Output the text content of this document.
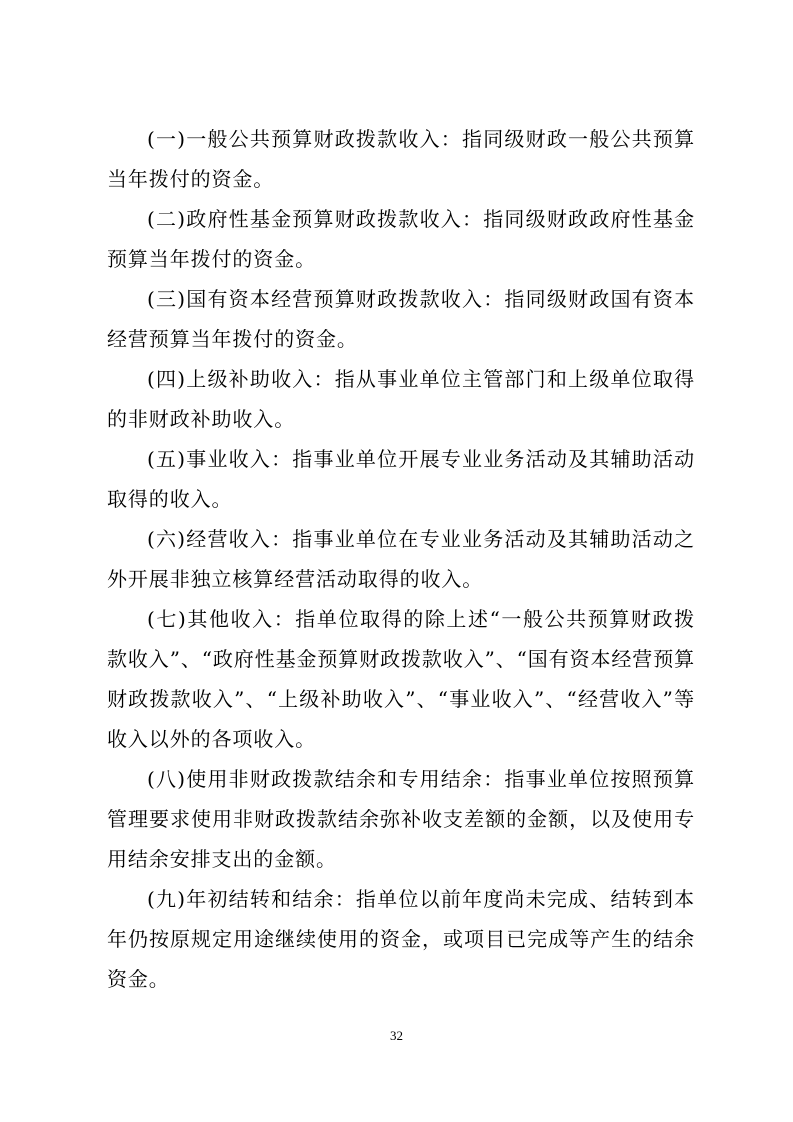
(一)一般公共预算财政拨款收入：指同级财政一般公共预算当年拨付的资金。

(二)政府性基金预算财政拨款收入：指同级财政政府性基金预算当年拨付的资金。

(三)国有资本经营预算财政拨款收入：指同级财政国有资本经营预算当年拨付的资金。

(四)上级补助收入：指从事业单位主管部门和上级单位取得的非财政补助收入。

(五)事业收入：指事业单位开展专业业务活动及其辅助活动取得的收入。

(六)经营收入：指事业单位在专业业务活动及其辅助活动之外开展非独立核算经营活动取得的收入。

(七)其他收入：指单位取得的除上述“一般公共预算财政拨款收入”、“政府性基金预算财政拨款收入”、“国有资本经营预算财政拨款收入”、“上级补助收入”、“事业收入”、“经营收入”等收入以外的各项收入。

(八)使用非财政拨款结余和专用结余：指事业单位按照预算管理要求使用非财政拨款结余弥补收支差额的金额，以及使用专用结余安排支出的金额。

(九)年初结转和结余：指单位以前年度尚未完成、结转到本年仍按原规定用途继续使用的资金，或项目已完成等产生的结余资金。

32
